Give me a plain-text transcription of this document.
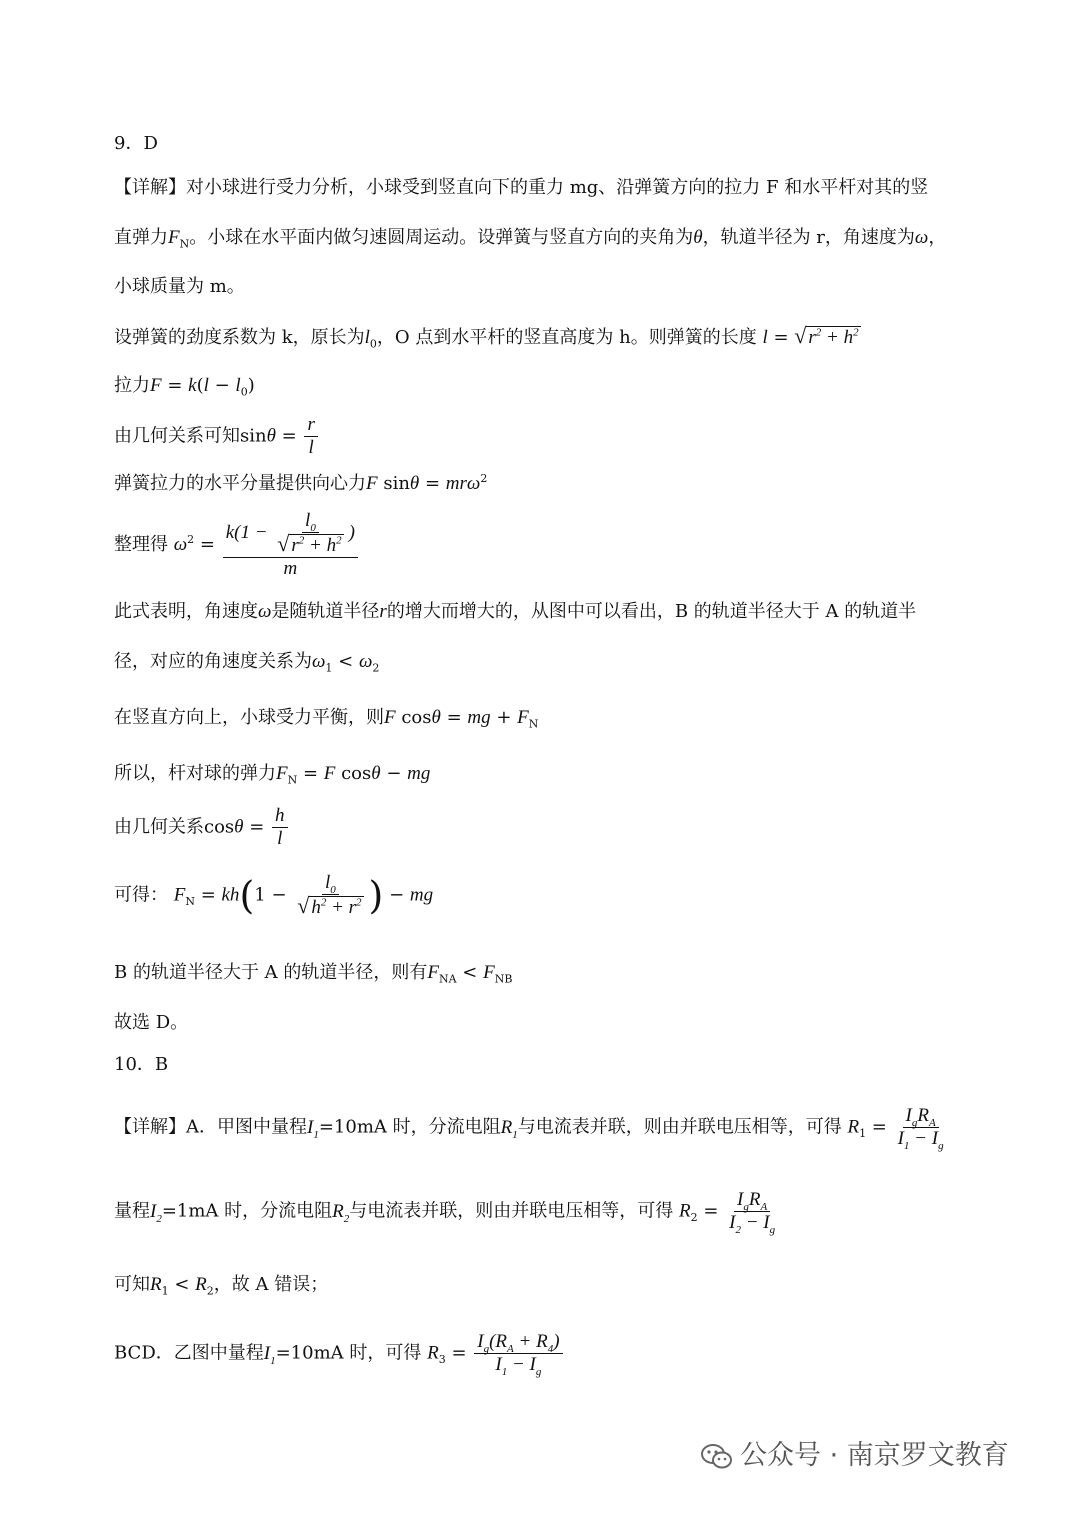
9．D
【详解】对小球进行受力分析，小球受到竖直向下的重力 mg、沿弹簧方向的拉力 F 和水平杆对其的竖
直弹力$F_N$。小球在水平面内做匀速圆周运动。设弹簧与竖直方向的夹角为θ，轨道半径为 r，角速度为ω，
小球质量为 m。
设弹簧的劲度系数为 k，原长为$l_0$，O 点到水平杆的竖直高度为 h。则弹簧的长度 l = √ $r^2 + h^2$
拉力$F = k(l - l_0)$
由几何关系可知$\sin\theta = \frac{r}{l}$
弹簧拉力的水平分量提供向心力F sinθ = mrω$^2$
整理得 $\omega^2 = \frac{k(1 - \frac{l_0}{√ r^2 + h^2} )}{m}$
此式表明，角速度ω是随轨道半径r的增大而增大的，从图中可以看出，B 的轨道半径大于 A 的轨道半
径，对应的角速度关系为$\omega_1 < \omega_2$
在竖直方向上，小球受力平衡，则F cosθ = mg + $F_N$
所以，杆对球的弹力$F_N = F$ cosθ − mg
由几何关系$\cos\theta = \frac{h}{l}$
可得： $F_N = kh(1 - \frac{l_0}{√ h^2 + r^2}$ ) − mg
B 的轨道半径大于 A 的轨道半径，则有$F_{NA} < F_{NB}$
故选 D。
10．B
【详解】A．甲图中量程$I_1=10mA$ 时，分流电阻$R_1$与电流表并联，则由并联电压相等，可得 $R_1 = \frac{I_gR_A}{I_1 - I_g}$
量程$I_2=1mA$ 时，分流电阻$R_2$与电流表并联，则由并联电压相等，可得 $R_2 = \frac{I_gR_A}{I_2 - I_g}$
可知$R_1 < R_2$，故 A 错误；
BCD．乙图中量程$I_1=10mA$ 时，可得 $R_3 = \frac{I_g(R_A + R_4)}{I_1 - I_g}$
公众号 · 南京罗文教育
